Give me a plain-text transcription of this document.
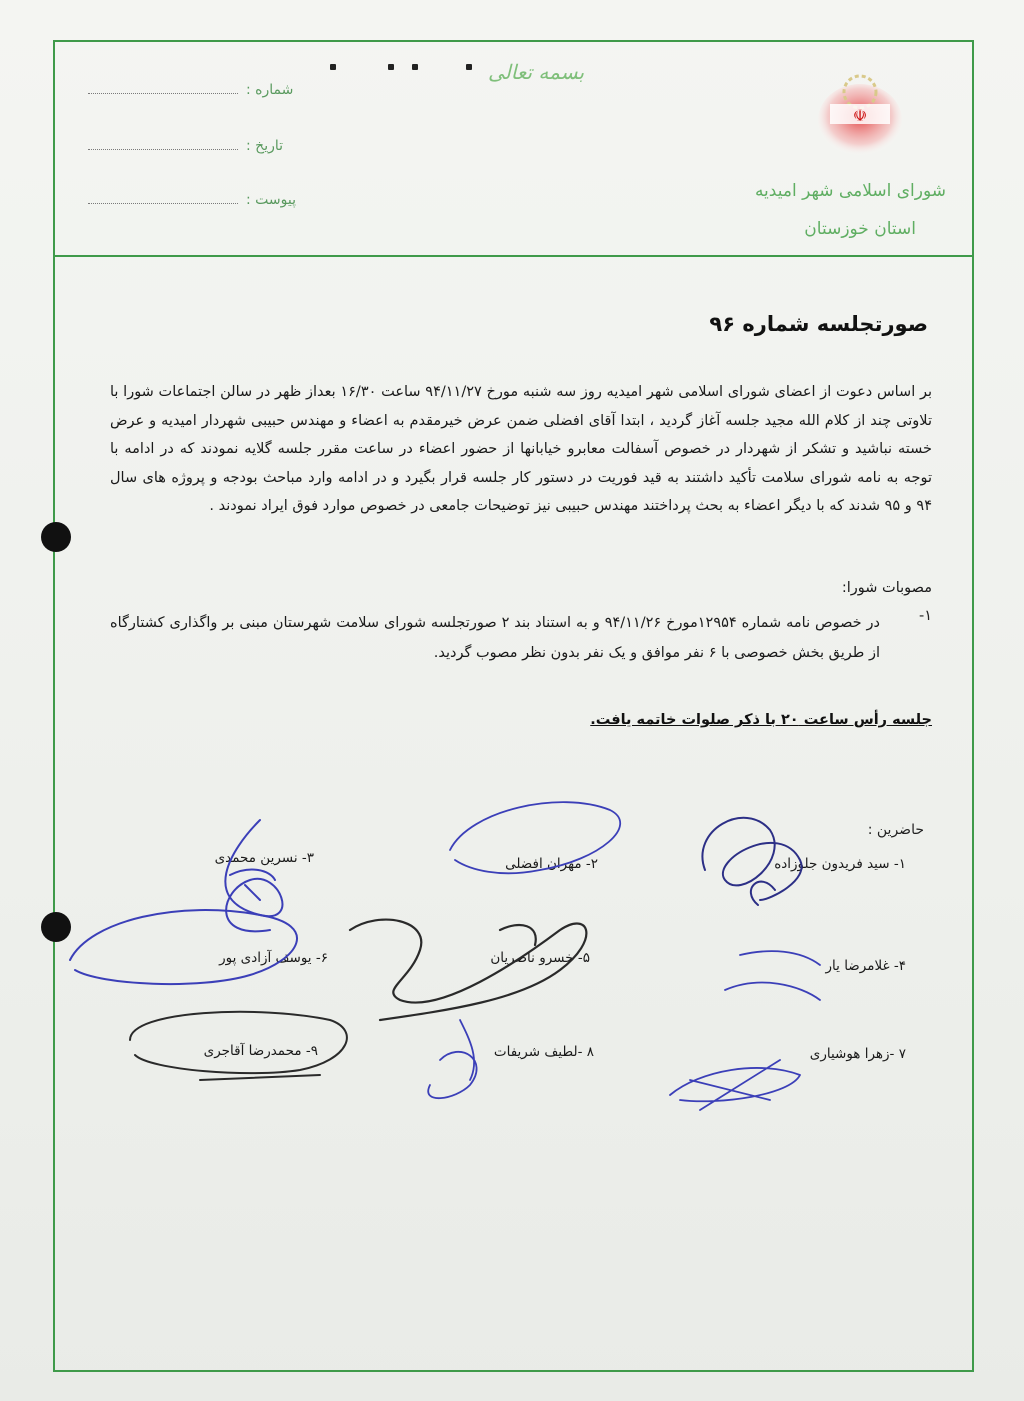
شماره :
تاریخ :
پیوست :
بسمه تعالی
☫
شورای اسلامی شهر امیدیه
استان خوزستان
صورتجلسه شماره ۹۶

بر اساس دعوت از اعضای شورای اسلامی شهر امیدیه روز سه شنبه مورخ ۹۴/۱۱/۲۷ ساعت ۱۶/۳۰ بعداز ظهر در سالن اجتماعات شورا با تلاوتی چند از کلام الله مجید جلسه آغاز گردید ، ابتدا آقای افضلی ضمن عرض خیرمقدم به اعضاء و مهندس حبیبی شهردار امیدیه و عرض خسته نباشید و تشکر از شهردار در خصوص آسفالت معابرو خیابانها از حضور اعضاء در ساعت مقرر جلسه گلایه نمودند که در ادامه با توجه به نامه شورای سلامت تأکید داشتند به قید فوریت در دستور کار جلسه قرار بگیرد و در ادامه وارد مباحث بودجه و پروژه های سال ۹۴ و ۹۵ شدند که با دیگر اعضاء به بحث پرداختند مهندس حبیبی نیز توضیحات جامعی در خصوص موارد فوق ایراد نمودند .

مصوبات شورا:
۱-
در خصوص نامه شماره ۱۲۹۵۴مورخ ۹۴/۱۱/۲۶ و به استناد بند ۲ صورتجلسه شورای سلامت شهرستان مبنی بر واگذاری کشتارگاه از طریق بخش خصوصی با ۶ نفر موافق و یک نفر بدون نظر مصوب گردید.
جلسه رأس ساعت ۲۰ با ذکر صلوات خاتمه یافت.
حاضرین :
۱- سید فریدون جلوزاده
۲- مهران افضلی
۳- نسرین محمدی
۴- غلامرضا یار
۵- خسرو ناصریان
۶- یوسف آزادی پور
۷ -زهرا هوشیاری
۸ -لطیف شریفات
۹- محمدرضا آقاجری
